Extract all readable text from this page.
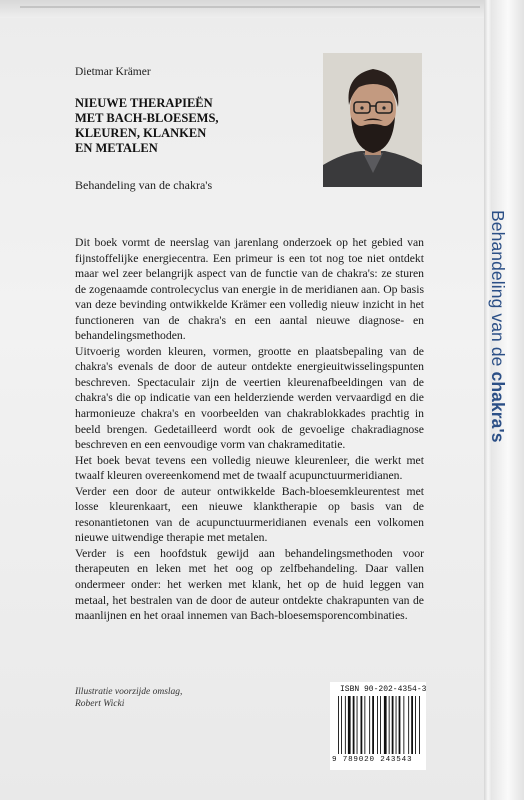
Dietmar Krämer
NIEUWE THERAPIEËN
MET BACH-BLOESEMS,
KLEUREN, KLANKEN
EN METALEN
Behandeling van de chakra's

Dit boek vormt de neerslag van jarenlang onderzoek op het gebied van fijnstoffelijke energiecentra. Een primeur is een tot nog toe niet ontdekt maar wel zeer belangrijk aspect van de functie van de chakra's: ze sturen de zogenaamde controlecyclus van energie in de meridianen aan. Op basis van deze bevinding ontwikkelde Krämer een volledig nieuw inzicht in het functioneren van de chakra's en een aantal nieuwe diagnose- en behandelingsmethoden.

Uitvoerig worden kleuren, vormen, grootte en plaatsbepaling van de chakra's evenals de door de auteur ontdekte energieuitwisselingspunten beschreven. Spectaculair zijn de veertien kleurenafbeeldingen van de chakra's die op indicatie van een helderziende werden vervaardigd en die harmonieuze chakra's en voorbeelden van chakrablokkades prachtig in beeld brengen. Gedetailleerd wordt ook de gevoelige chakradiagnose beschreven en een eenvoudige vorm van chakrameditatie.

Het boek bevat tevens een volledig nieuwe kleurenleer, die werkt met twaalf kleuren overeenkomend met de twaalf acupunctuurmeridianen.

Verder een door de auteur ontwikkelde Bach-bloesemkleurentest met losse kleurenkaart, een nieuwe klanktherapie op basis van de resonantietonen van de acupunctuurmeridianen evenals een volkomen nieuwe uitwendige therapie met metalen.

Verder is een hoofdstuk gewijd aan behandelingsmethoden voor therapeuten en leken met het oog op zelfbehandeling. Daar vallen ondermeer onder: het werken met klank, het op de huid leggen van metaal, het bestralen van de door de auteur ontdekte chakrapunten van de maanlijnen en het oraal innemen van Bach-bloesemsporencombinaties.

Illustratie voorzijde omslag,
Robert Wicki
ISBN 90-202-4354-3
9 789020 243543
Behandeling van de chakra's
